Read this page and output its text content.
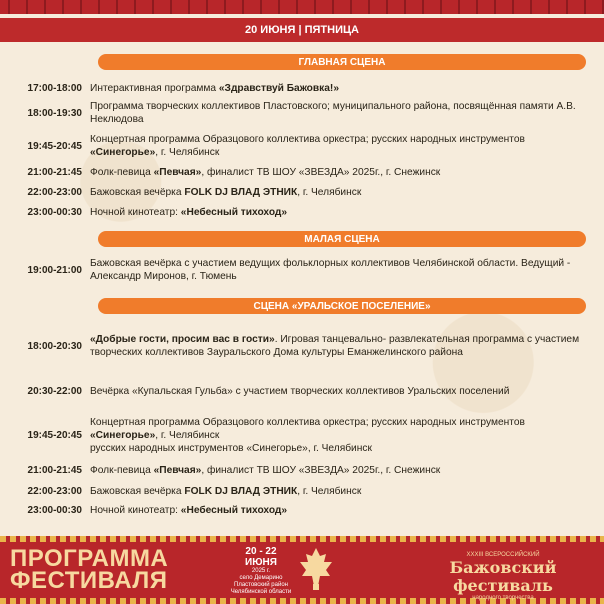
20 ИЮНЯ | ПЯТНИЦА
ГЛАВНАЯ СЦЕНА
17:00-18:00 Интерактивная программа «Здравствуй Бажовка!»
18:00-19:30
Программа творческих коллективов Пластовского; муниципального района, посвящённая памяти А.В. Неклюдова
19:45-20:45
Концертная программа Образцового коллектива оркестра; русских народных инструментов «Синегорье», г. Челябинск
21:00-21:45 Фолк-певица «Певчая», финалист ТВ ШОУ «ЗВЕЗДА» 2025г., г. Снежинск
22:00-23:00 Бажовская вечёрка FOLK DJ ВЛАД ЭТНИК, г. Челябинск
23:00-00:30 Ночной кинотеатр: «Небесный тихоход»
МАЛАЯ СЦЕНА
19:00-21:00
Бажовская вечёрка с участием ведущих фольклорных коллективов Челябинской области. Ведущий - Александр Миронов, г. Тюмень
СЦЕНА «УРАЛЬСКОЕ ПОСЕЛЕНИЕ»
18:00-20:30
«Добрые гости, просим вас в гости». Игровая танцевально- развлекательная программа с участием творческих коллективов Зауральского Дома культуры Еманжелинского района
20:30-22:00 Вечёрка «Купальская Гульба» с участием творческих коллективов Уральских поселений
19:45-20:45
Концертная программа Образцового коллектива оркестра; русских народных инструментов «Синегорье», г. Челябинск
русских народных инструментов «Синегорье», г. Челябинск
21:00-21:45 Фолк-певица «Певчая», финалист ТВ ШОУ «ЗВЕЗДА» 2025г., г. Снежинск
22:00-23:00 Бажовская вечёрка FOLK DJ ВЛАД ЭТНИК, г. Челябинск
23:00-00:30 Ночной кинотеатр: «Небесный тихоход»
ПРОГРАММА
ФЕСТИВАЛЯ
20 - 22
ИЮНЯ
2025 г.
село Демарино
Пластовский район
Челябинской области
XXXIII ВСЕРОССИЙСКИЙ
Бажовский фестиваль
народного творчества
